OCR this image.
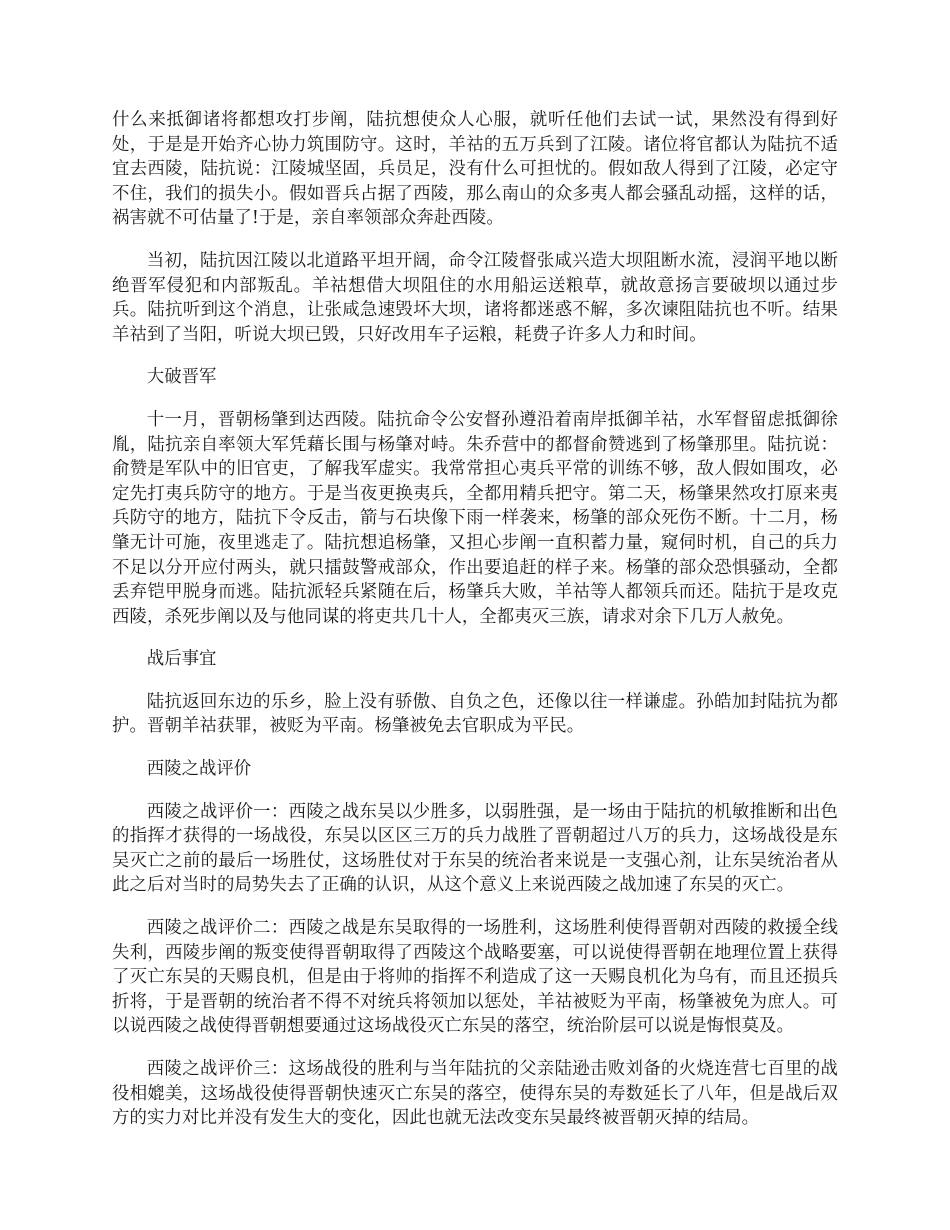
什么来抵御诸将都想攻打步阐，陆抗想使众人心服，就听任他们去试一试，果然没有得到好处，于是是开始齐心协力筑围防守。这时，羊祜的五万兵到了江陵。诸位将官都认为陆抗不适宜去西陵，陆抗说：江陵城坚固，兵员足，没有什么可担忧的。假如敌人得到了江陵，必定守不住，我们的损失小。假如晋兵占据了西陵，那么南山的众多夷人都会骚乱动摇，这样的话，祸害就不可估量了!于是，亲自率领部众奔赴西陵。

当初，陆抗因江陵以北道路平坦开阔，命令江陵督张咸兴造大坝阻断水流，浸润平地以断绝晋军侵犯和内部叛乱。羊祜想借大坝阻住的水用船运送粮草，就故意扬言要破坝以通过步兵。陆抗听到这个消息，让张咸急速毁坏大坝，诸将都迷惑不解，多次谏阻陆抗也不听。结果羊祜到了当阳，听说大坝已毁，只好改用车子运粮，耗费子许多人力和时间。

大破晋军

十一月，晋朝杨肇到达西陵。陆抗命令公安督孙遵沿着南岸抵御羊祜，水军督留虑抵御徐胤，陆抗亲自率领大军凭藉长围与杨肇对峙。朱乔营中的都督俞赞逃到了杨肇那里。陆抗说：俞赞是军队中的旧官吏，了解我军虚实。我常常担心夷兵平常的训练不够，敌人假如围攻，必定先打夷兵防守的地方。于是当夜更换夷兵，全都用精兵把守。第二天，杨肇果然攻打原来夷兵防守的地方，陆抗下令反击，箭与石块像下雨一样袭来，杨肇的部众死伤不断。十二月，杨肇无计可施，夜里逃走了。陆抗想追杨肇，又担心步阐一直积蓄力量，窥伺时机，自己的兵力不足以分开应付两头，就只擂鼓警戒部众，作出要追赶的样子来。杨肇的部众恐惧骚动，全都丢弃铠甲脱身而逃。陆抗派轻兵紧随在后，杨肇兵大败，羊祜等人都领兵而还。陆抗于是攻克西陵，杀死步阐以及与他同谋的将吏共几十人，全都夷灭三族，请求对余下几万人赦免。

战后事宜

陆抗返回东边的乐乡，脸上没有骄傲、自负之色，还像以往一样谦虚。孙皓加封陆抗为都护。晋朝羊祜获罪，被贬为平南。杨肇被免去官职成为平民。

西陵之战评价

西陵之战评价一：西陵之战东吴以少胜多，以弱胜强，是一场由于陆抗的机敏推断和出色的指挥才获得的一场战役，东吴以区区三万的兵力战胜了晋朝超过八万的兵力，这场战役是东吴灭亡之前的最后一场胜仗，这场胜仗对于东吴的统治者来说是一支强心剂，让东吴统治者从此之后对当时的局势失去了正确的认识，从这个意义上来说西陵之战加速了东吴的灭亡。

西陵之战评价二：西陵之战是东吴取得的一场胜利，这场胜利使得晋朝对西陵的救援全线失利，西陵步阐的叛变使得晋朝取得了西陵这个战略要塞，可以说使得晋朝在地理位置上获得了灭亡东吴的天赐良机，但是由于将帅的指挥不利造成了这一天赐良机化为乌有，而且还损兵折将，于是晋朝的统治者不得不对统兵将领加以惩处，羊祜被贬为平南，杨肇被免为庶人。可以说西陵之战使得晋朝想要通过这场战役灭亡东吴的落空，统治阶层可以说是悔恨莫及。

西陵之战评价三：这场战役的胜利与当年陆抗的父亲陆逊击败刘备的火烧连营七百里的战役相媲美，这场战役使得晋朝快速灭亡东吴的落空，使得东吴的寿数延长了八年，但是战后双方的实力对比并没有发生大的变化，因此也就无法改变东吴最终被晋朝灭掉的结局。
